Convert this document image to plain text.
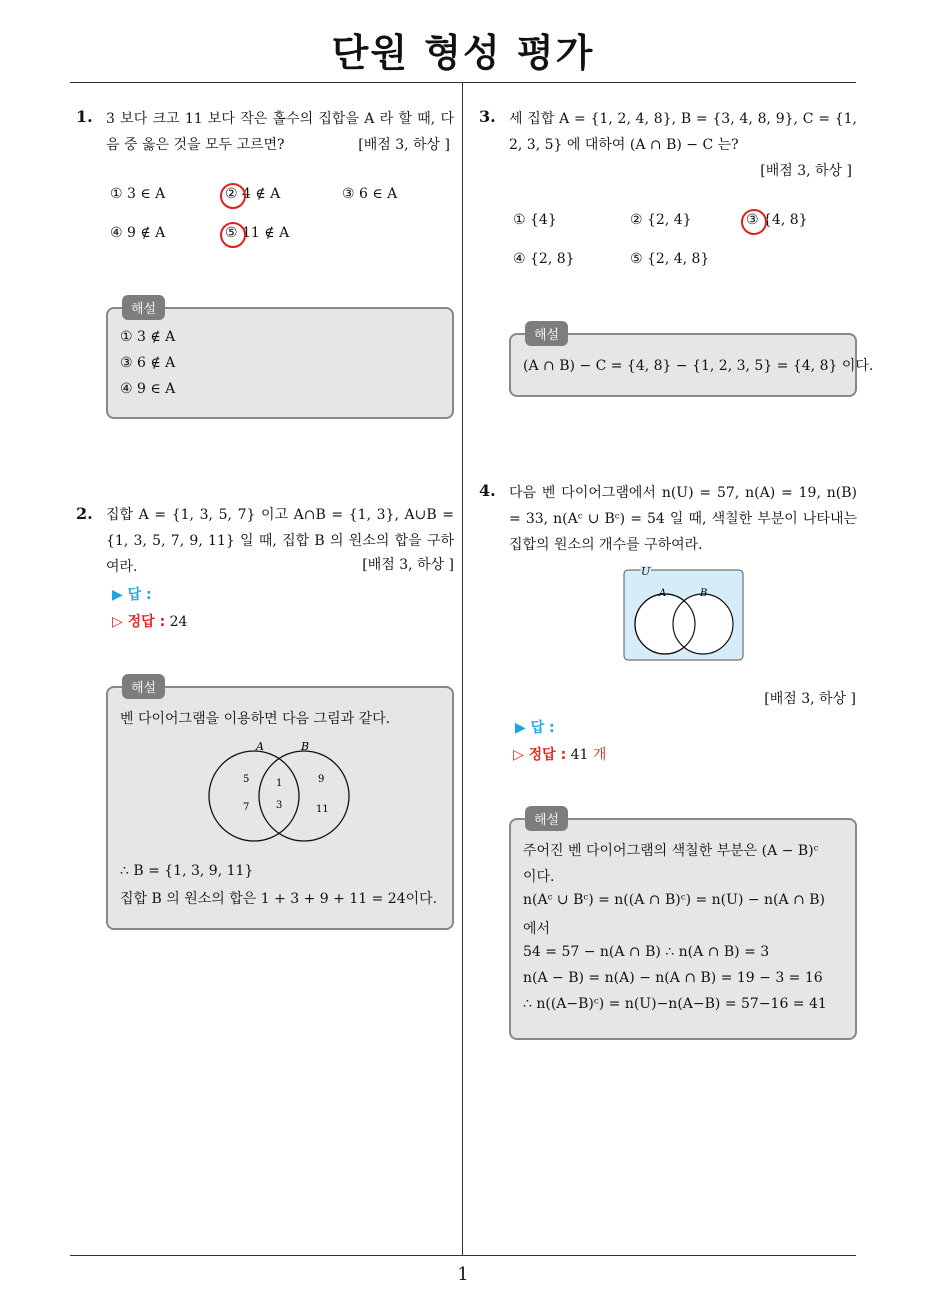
단원 형성 평가
1
1. 3 보다 크고 11 보다 작은 홀수의 집합을 A 라 할 때, 다음 중 옳은 것을 모두 고르면?	[배점 3, 하상 ]
① 3 ∈ A	② 4 ∉ A	③ 6 ∈ A
④ 9 ∉ A	⑤ 11 ∉ A
해설
① 3 ∉ A
③ 6 ∉ A
④ 9 ∈ A
2. 집합 A = {1, 3, 5, 7} 이고 A∩B = {1, 3}, A∪B = {1, 3, 5, 7, 9, 11} 일 때, 집합 B 의 원소의 합을 구하여라.	[배점 3, 하상 ]
▶ 답 :
▷ 정답 : 24
해설
벤 다이어그램을 이용하면 다음 그림과 같다.
A	B
5
7
1
3
9
11
∴ B = {1, 3, 9, 11}
집합 B 의 원소의 합은 1 + 3 + 9 + 11 = 24이다.
3. 세 집합 A = {1, 2, 4, 8}, B = {3, 4, 8, 9}, C = {1, 2, 3, 5} 에 대하여 (A ∩ B) − C 는?
[배점 3, 하상 ]
① {4}	② {2, 4}	③ {4, 8}
④ {2, 8}	⑤ {2, 4, 8}
해설
(A ∩ B) − C = {4, 8} − {1, 2, 3, 5} = {4, 8} 이다.
4. 다음 벤 다이어그램에서 n(U) = 57, n(A) = 19, n(B) = 33, n(Aᶜ ∪ Bᶜ) = 54 일 때, 색칠한 부분이 나타내는 집합의 원소의 개수를 구하여라.
U
A	B
[배점 3, 하상 ]
▶ 답 :
▷ 정답 : 41 개
해설
주어진 벤 다이어그램의 색칠한 부분은 (A − B)ᶜ
이다.
n(Aᶜ ∪ Bᶜ) = n((A ∩ B)ᶜ) = n(U) − n(A ∩ B)
에서
54 = 57 − n(A ∩ B) ∴ n(A ∩ B) = 3
n(A − B) = n(A) − n(A ∩ B) = 19 − 3 = 16
∴ n((A−B)ᶜ) = n(U)−n(A−B) = 57−16 = 41
